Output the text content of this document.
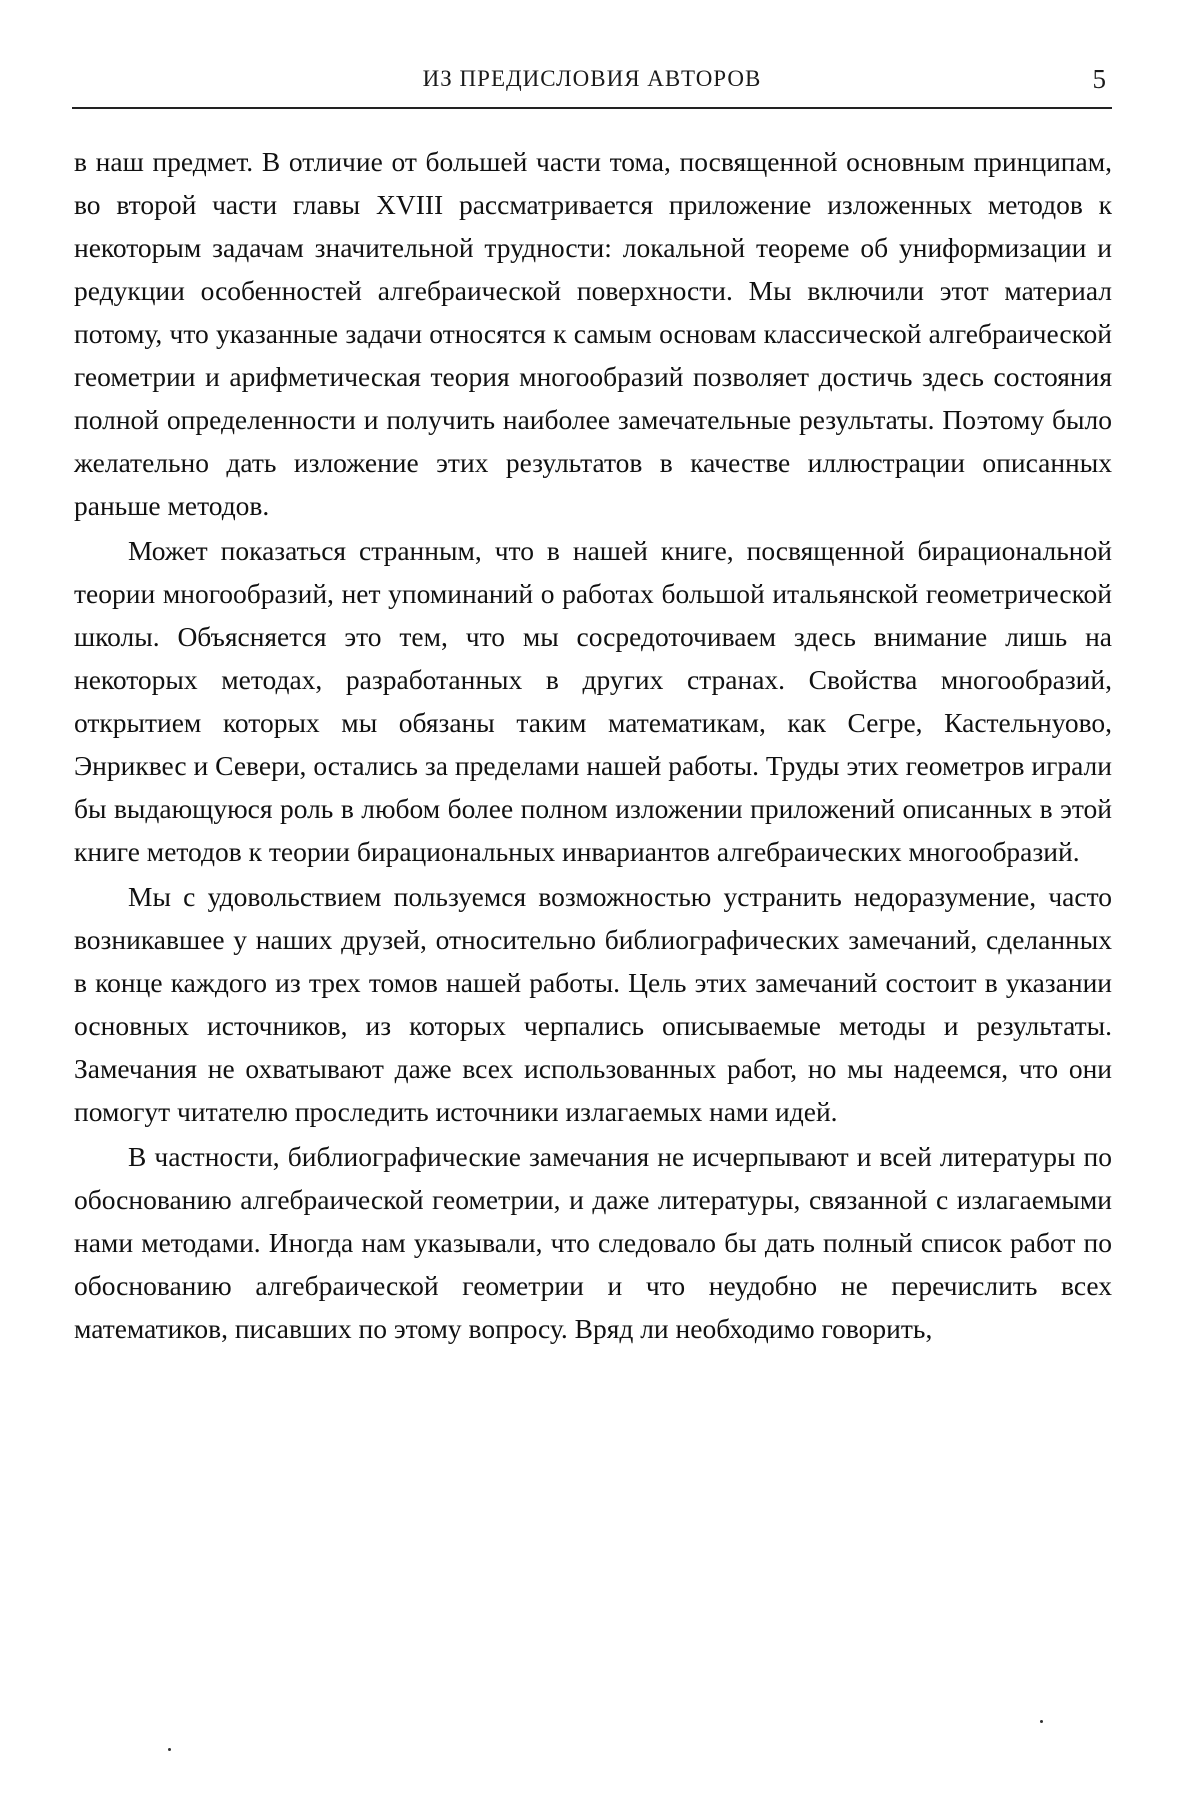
ИЗ ПРЕДИСЛОВИЯ АВТОРОВ	5

в наш предмет. В отличие от большей части тома, посвященной основным принципам, во второй части главы XVIII рассматривается приложение изложенных методов к некоторым задачам значительной трудности: локальной теореме об униформизации и редукции особенностей алгебраической поверхности. Мы включили этот материал потому, что указанные задачи относятся к самым основам классической алгебраической геометрии и арифметическая теория многообразий позволяет достичь здесь состояния полной определенности и получить наиболее замечательные результаты. Поэтому было желательно дать изложение этих результатов в качестве иллюстрации описанных раньше методов.

Может показаться странным, что в нашей книге, посвященной бирациональной теории многообразий, нет упоминаний о работах большой итальянской геометрической школы. Объясняется это тем, что мы сосредоточиваем здесь внимание лишь на некоторых методах, разработанных в других странах. Свойства многообразий, открытием которых мы обязаны таким математикам, как Сегре, Кастельнуово, Энриквес и Севери, остались за пределами нашей работы. Труды этих геометров играли бы выдающуюся роль в любом более полном изложении приложений описанных в этой книге методов к теории бирациональных инвариантов алгебраических многообразий.

Мы с удовольствием пользуемся возможностью устранить недоразумение, часто возникавшее у наших друзей, относительно библиографических замечаний, сделанных в конце каждого из трех томов нашей работы. Цель этих замечаний состоит в указании основных источников, из которых черпались описываемые методы и результаты. Замечания не охватывают даже всех использованных работ, но мы надеемся, что они помогут читателю проследить источники излагаемых нами идей.

В частности, библиографические замечания не исчерпывают и всей литературы по обоснованию алгебраической геометрии, и даже литературы, связанной с излагаемыми нами методами. Иногда нам указывали, что следовало бы дать полный список работ по обоснованию алгебраической геометрии и что неудобно не перечислить всех математиков, писавших по этому вопросу. Вряд ли необходимо говорить,
